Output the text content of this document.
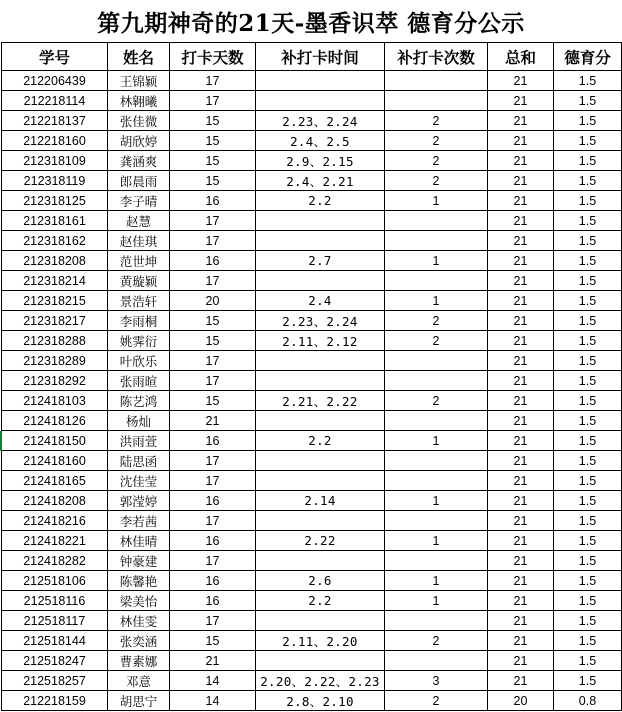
第九期神奇的21天-墨香识萃 德育分公示
学号	姓名	打卡天数	补打卡时间	补打卡次数	总和	德育分
212206439	王锦颖	17			21	1.5
212218114	林翱曦	17			21	1.5
212218137	张佳微	15	2.23、2.24	2	21	1.5
212218160	胡欣婷	15	2.4、2.5	2	21	1.5
212318109	龚涵爽	15	2.9、2.15	2	21	1.5
212318119	郎晨雨	15	2.4、2.21	2	21	1.5
212318125	李子晴	16	2.2	1	21	1.5
212318161	赵慧	17			21	1.5
212318162	赵佳琪	17			21	1.5
212318208	范世坤	16	2.7	1	21	1.5
212318214	黄璇颖	17			21	1.5
212318215	景浩轩	20	2.4	1	21	1.5
212318217	李雨桐	15	2.23、2.24	2	21	1.5
212318288	姚霁衍	15	2.11、2.12	2	21	1.5
212318289	叶欣乐	17			21	1.5
212318292	张雨暄	17			21	1.5
212418103	陈艺鸿	15	2.21、2.22	2	21	1.5
212418126	杨灿	21			21	1.5
212418150	洪雨萱	16	2.2	1	21	1.5
212418160	陆思函	17			21	1.5
212418165	沈佳莹	17			21	1.5
212418208	郭滢婷	16	2.14	1	21	1.5
212418216	李若茜	17			21	1.5
212418221	林佳晴	16	2.22	1	21	1.5
212418282	钟豪建	17			21	1.5
212518106	陈馨艳	16	2.6	1	21	1.5
212518116	梁美怡	16	2.2	1	21	1.5
212518117	林佳雯	17			21	1.5
212518144	张奕涵	15	2.11、2.20	2	21	1.5
212518247	曹素娜	21			21	1.5
212518257	邓意	14	2.20、2.22、2.23	3	21	1.5
212218159	胡思宁	14	2.8、2.10	2	20	0.8
